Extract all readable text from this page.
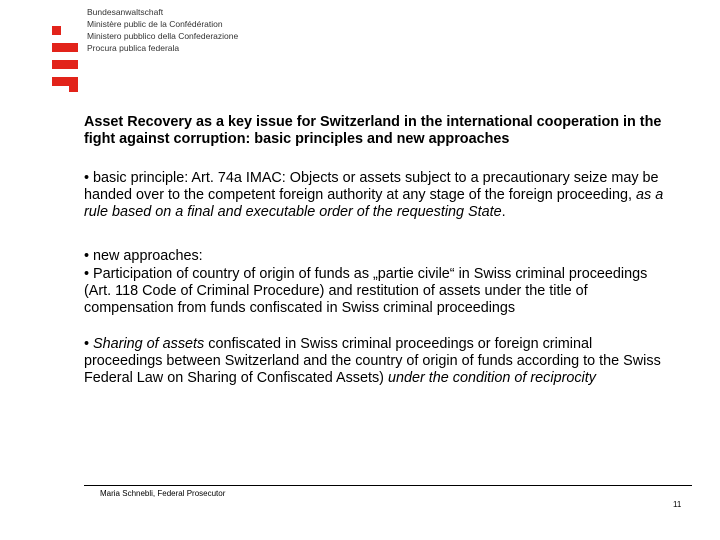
Bundesanwaltschaft
Ministère public de la Confédération
Ministero pubblico della Confederazione
Procura publica federala

Asset Recovery as a key issue for Switzerland in the international cooperation in the fight against corruption: basic principles and new approaches

• basic principle: Art. 74a IMAC: Objects or assets subject to a precautionary seize may be handed over to the competent foreign authority at any stage of the foreign proceeding, as a rule based on a final and executable order of the requesting State.

• new approaches:

• Participation of country of origin of funds as „partie civile“ in Swiss criminal proceedings (Art. 118 Code of Criminal Procedure) and restitution of assets under the title of compensation from funds confiscated in Swiss criminal proceedings

• Sharing of assets confiscated in Swiss criminal proceedings or foreign criminal proceedings between Switzerland and the country of origin of funds according to the Swiss Federal Law on Sharing of Confiscated Assets) under the condition of reciprocity

Maria Schnebli, Federal Prosecutor
11
